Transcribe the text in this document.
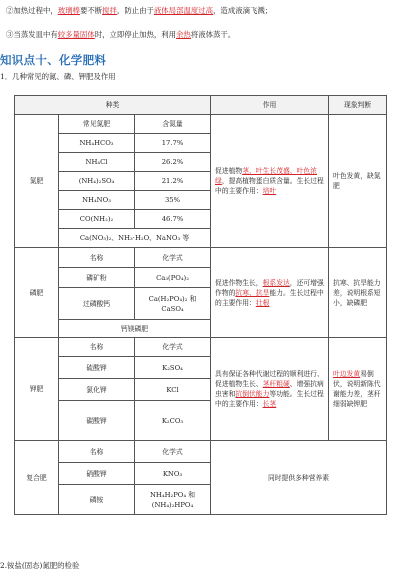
②加热过程中，玻璃棒要不断搅拌，防止由于液体局部温度过高，造成液滴飞溅；
③当蒸发皿中有较多量固体时，立即停止加热，利用余热将液体蒸干。
知识点十、化学肥料
1．几种常见的氮、磷、钾肥及作用
种类			作用	现象判断
氮肥	常见氮肥	含氮量	促进植物茎、叶生长茂盛、叶色浓绿，提高植物蛋白质含量。生长过程中的主要作用：培叶	叶色发黄，缺氮肥
	NH₄HCO₃	17.7%		
	NH₄Cl	26.2%		
	(NH₄)₂SO₄	21.2%		
	NH₄NO₃	35%		
	CO(NH₂)₂	46.7%		
	Ca(NO₃)₂、NH₃·H₂O、NaNO₃ 等			
磷肥	名称	化学式	促进作物生长，根系发达，还可增强作物的抗寒、抗旱能力。生长过程中的主要作用：壮根	抗寒、抗旱能力差，说明根系短小，缺磷肥
	磷矿粉	Ca₃(PO₄)₂		
	过磷酸钙	Ca(H₂PO₄)₂ 和 CaSO₄		
	钙镁磷肥			
钾肥	名称	化学式	具有保证各种代谢过程的顺利进行、促进植物生长、茎秆粗硬、增强抗病虫害和抗倒伏能力等功能。生长过程中的主要作用：长茎	叶边发黄易倒伏，说明新陈代谢能力差，茎秆细弱缺钾肥
	硫酸钾	K₂SO₄		
	氯化钾	KCl		
	碳酸钾	K₂CO₃		
复合肥	名称	化学式	同时提供多种营养素	
	硝酸钾	KNO₃		
	磷铵	NH₄H₂PO₄ 和 (NH₄)₂HPO₄		
2.铵盐(固态)氮肥的检验
